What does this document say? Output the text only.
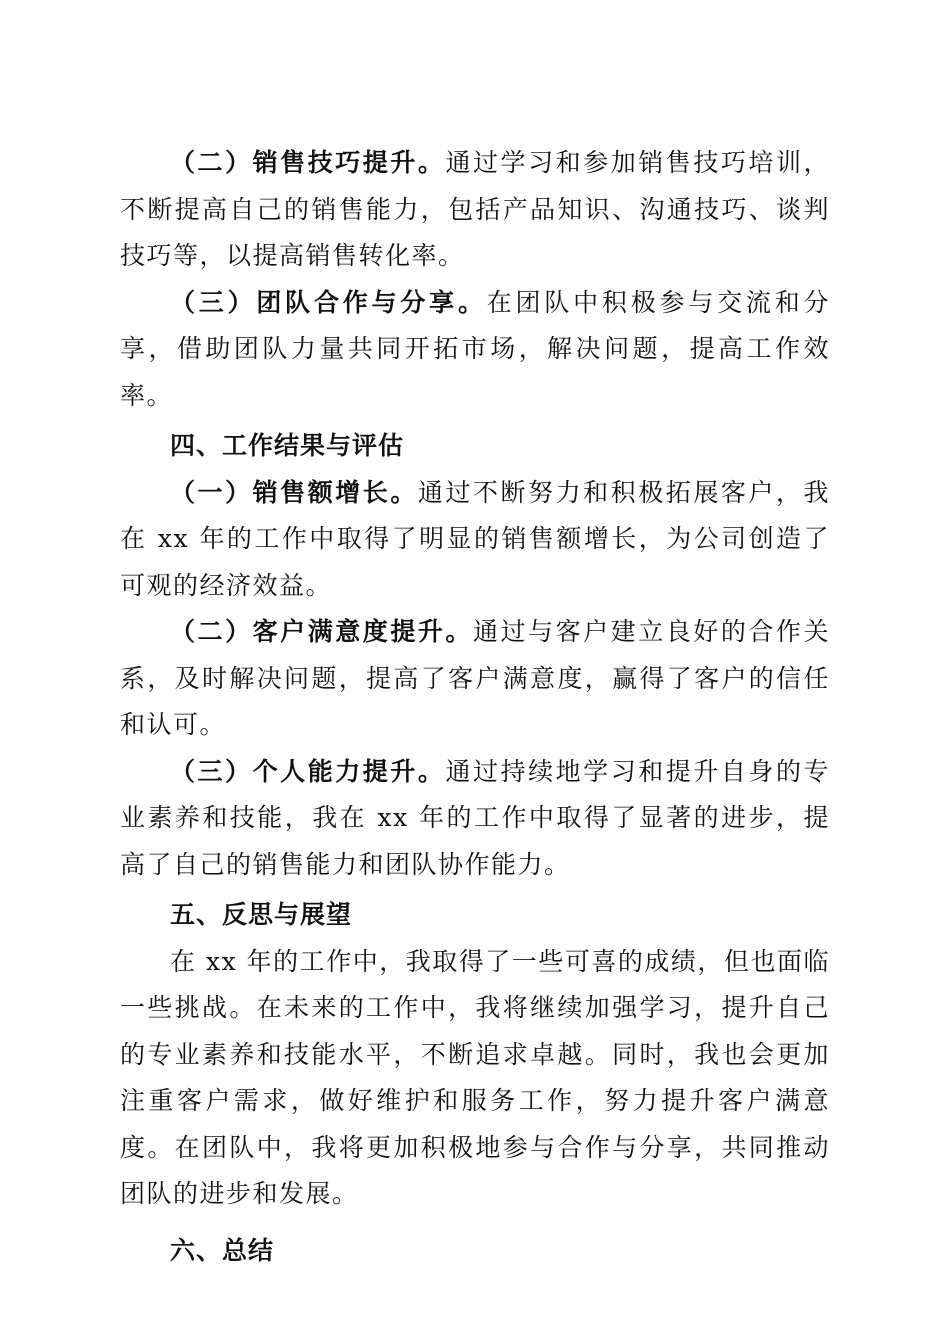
（二）销售技巧提升。通过学习和参加销售技巧培训，不断提高自己的销售能力，包括产品知识、沟通技巧、谈判技巧等，以提高销售转化率。

（三）团队合作与分享。在团队中积极参与交流和分享，借助团队力量共同开拓市场，解决问题，提高工作效率。

四、工作结果与评估

（一）销售额增长。通过不断努力和积极拓展客户，我在 xx 年的工作中取得了明显的销售额增长，为公司创造了可观的经济效益。

（二）客户满意度提升。通过与客户建立良好的合作关系，及时解决问题，提高了客户满意度，赢得了客户的信任和认可。

（三）个人能力提升。通过持续地学习和提升自身的专业素养和技能，我在 xx 年的工作中取得了显著的进步，提高了自己的销售能力和团队协作能力。

五、反思与展望

在 xx 年的工作中，我取得了一些可喜的成绩，但也面临一些挑战。在未来的工作中，我将继续加强学习，提升自己的专业素养和技能水平，不断追求卓越。同时，我也会更加注重客户需求，做好维护和服务工作，努力提升客户满意度。在团队中，我将更加积极地参与合作与分享，共同推动团队的进步和发展。

六、总结
